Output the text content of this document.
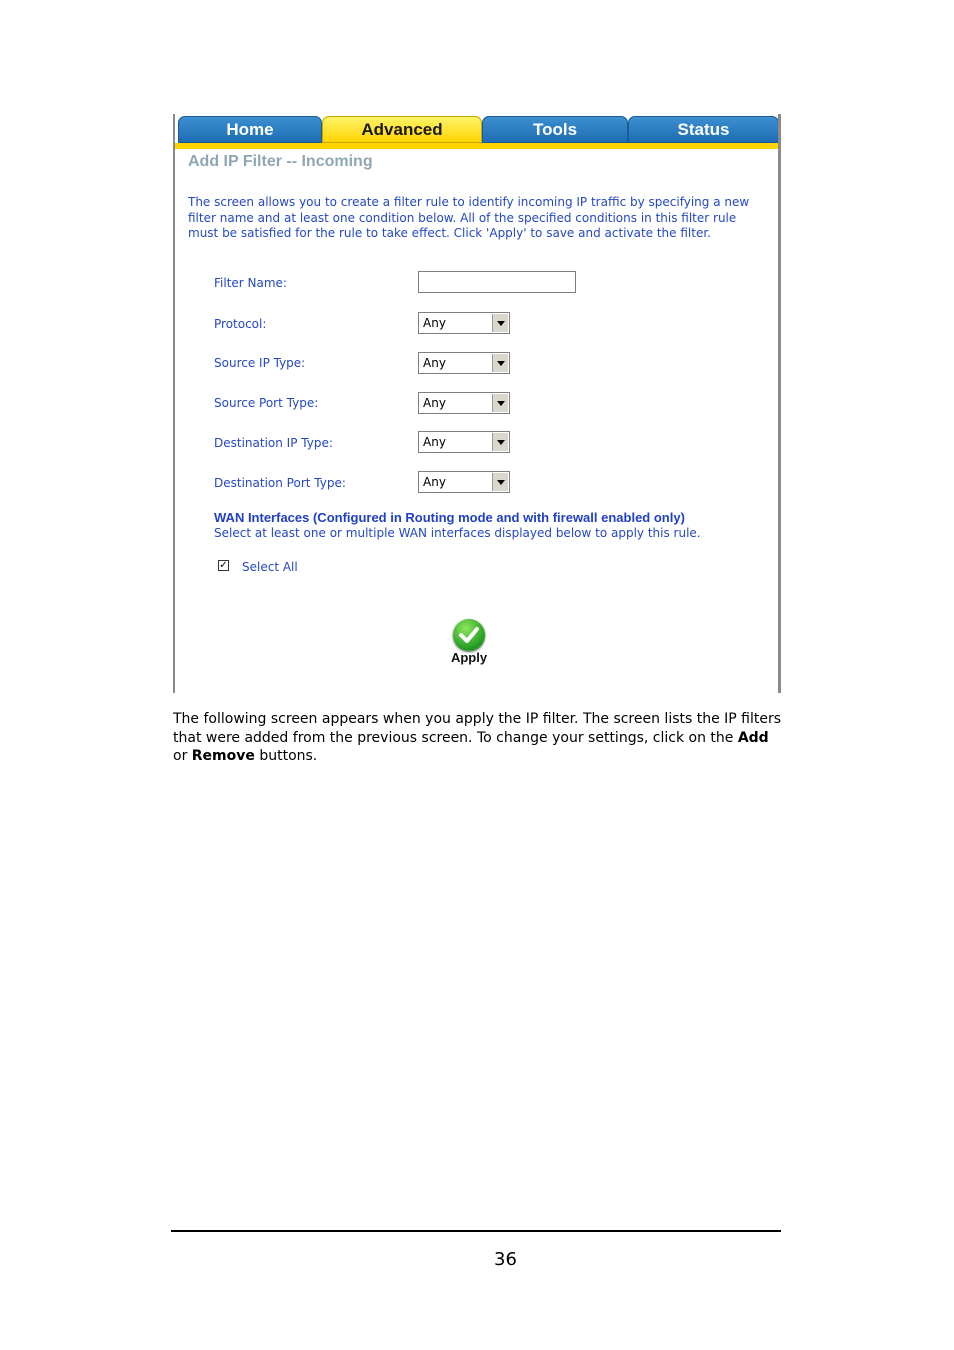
Home	Advanced	Tools	Status
Add IP Filter -- Incoming
The screen allows you to create a filter rule to identify incoming IP traffic by specifying a new filter name and at least one condition below. All of the specified conditions in this filter rule must be satisfied for the rule to take effect. Click 'Apply' to save and activate the filter.
Filter Name:
Protocol:	Any
Source IP Type:	Any
Source Port Type:	Any
Destination IP Type:	Any
Destination Port Type:	Any
WAN Interfaces (Configured in Routing mode and with firewall enabled only)
Select at least one or multiple WAN interfaces displayed below to apply this rule.
✓ Select All
Apply
The following screen appears when you apply the IP filter. The screen lists the IP filters that were added from the previous screen. To change your settings, click on the Add or Remove buttons.
36
